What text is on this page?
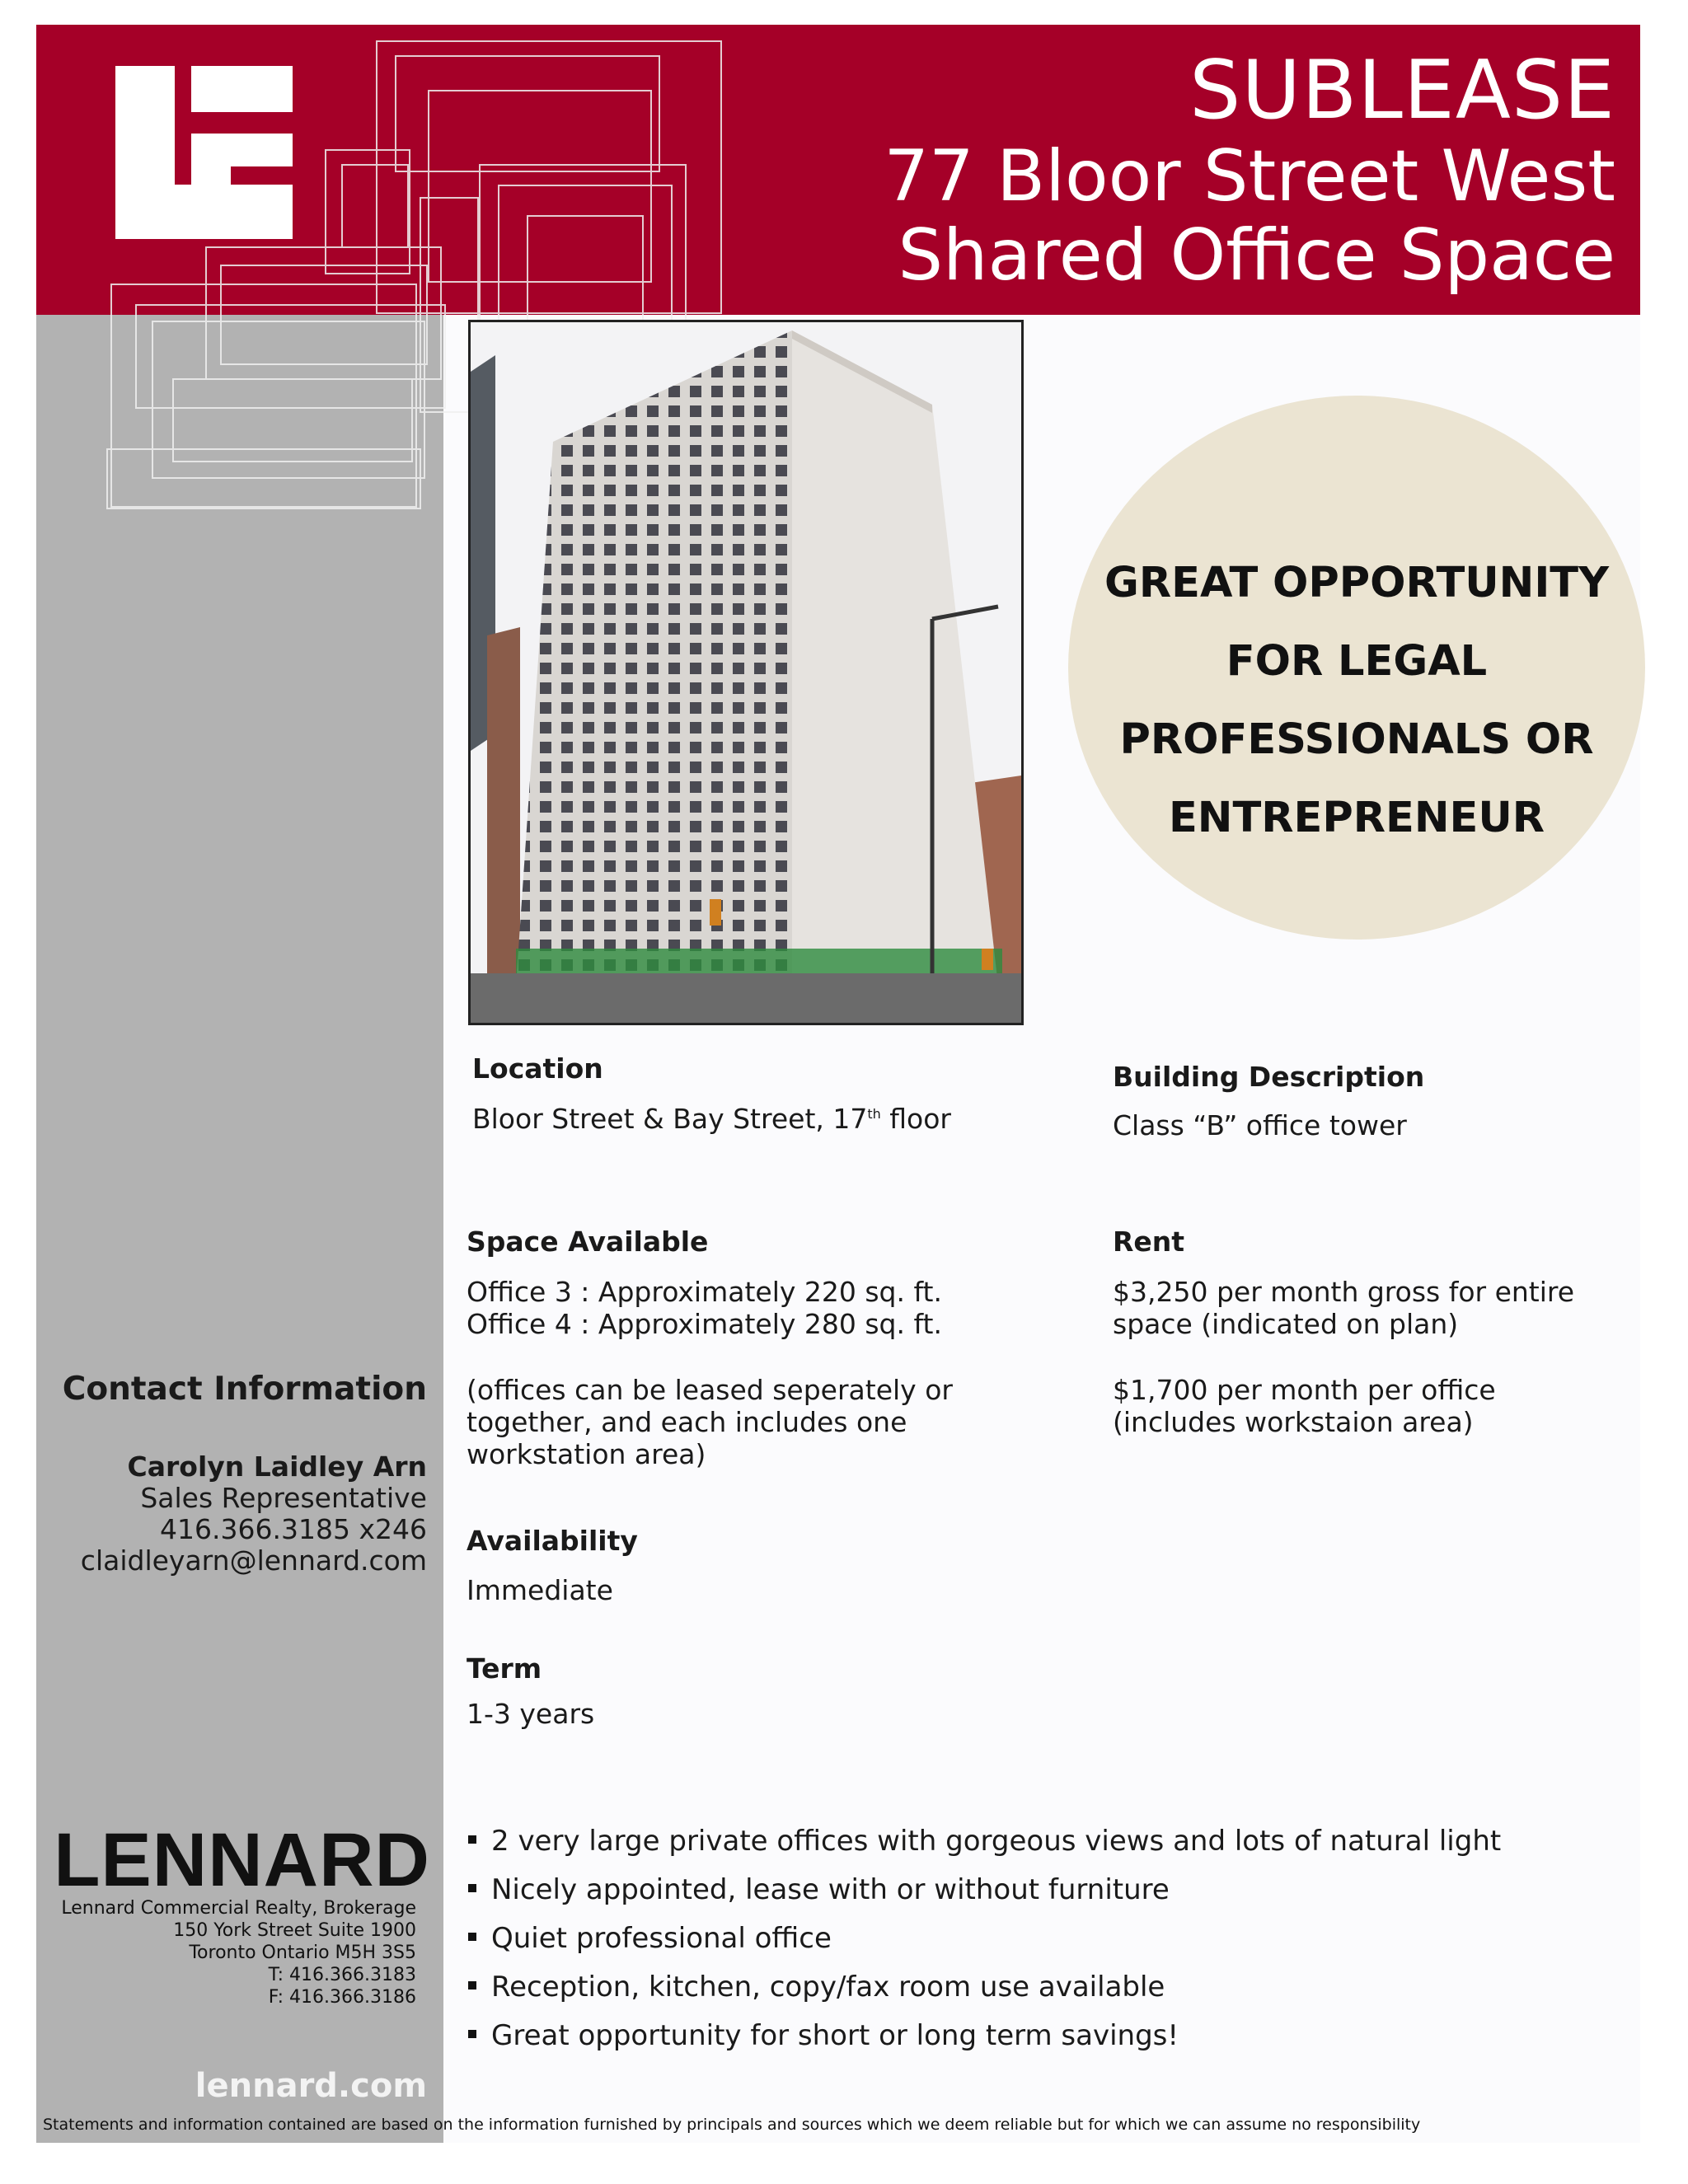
SUBLEASE
77 Bloor Street West
Shared Office Space
GREAT OPPORTUNITY
FOR LEGAL
PROFESSIONALS OR
ENTREPRENEUR
Location
Bloor Street & Bay Street, 17th floor
Building Description
Class “B” office tower
Space Available
Office 3 : Approximately 220 sq. ft.
Office 4 : Approximately 280 sq. ft.
(offices can be leased seperately or
together, and each includes one
workstation area)
Rent
$3,250 per month gross for entire
space (indicated on plan)
$1,700 per month per office
(includes workstaion area)
Availability
Immediate
Term
1-3 years
Contact Information
Carolyn Laidley Arn
Sales Representative
416.366.3185 x246
claidleyarn@lennard.com
2 very large private offices with gorgeous views and lots of natural light
Nicely appointed, lease with or without furniture
Quiet professional office
Reception, kitchen, copy/fax room use available
Great opportunity for short or long term savings!
LENNARD
Lennard Commercial Realty, Brokerage
150 York Street Suite 1900
Toronto Ontario M5H 3S5
T: 416.366.3183
F: 416.366.3186
lennard.com
Statements and information contained are based on the information furnished by principals and sources which we deem reliable but for which we can assume no responsibility
